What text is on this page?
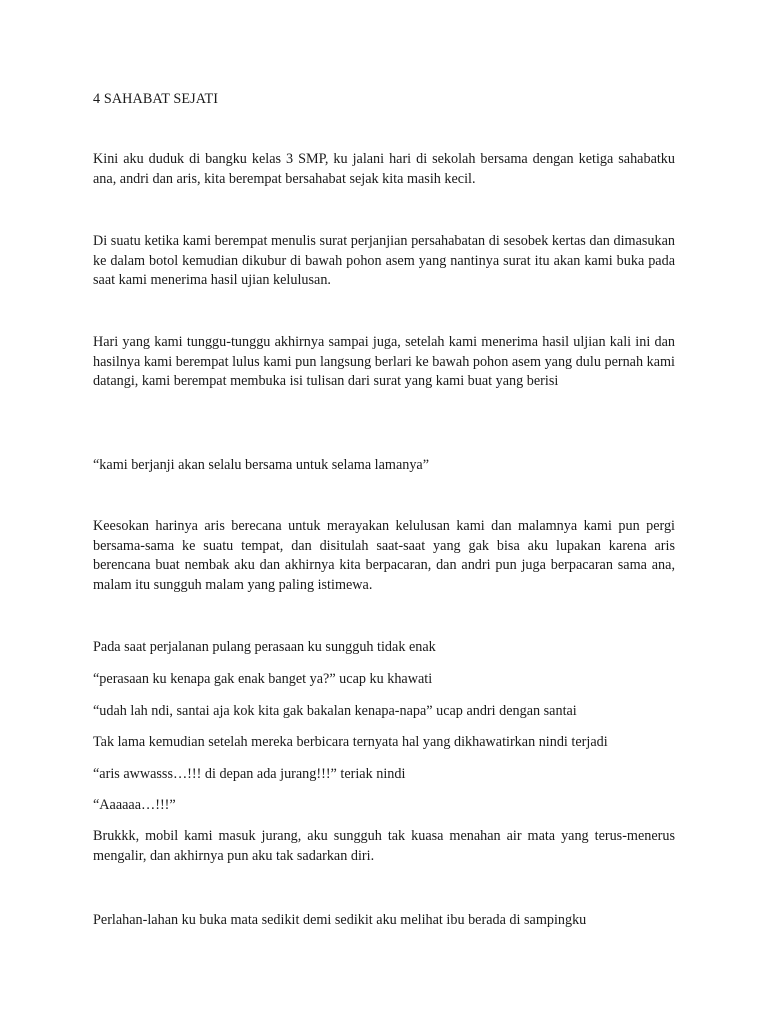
4 SAHABAT SEJATI

Kini aku duduk di bangku kelas 3 SMP, ku jalani hari di sekolah bersama dengan ketiga sahabatku ana, andri dan aris, kita berempat bersahabat sejak kita masih kecil.

Di suatu ketika kami berempat menulis surat perjanjian persahabatan di sesobek kertas dan dimasukan ke dalam botol kemudian dikubur di bawah pohon asem yang nantinya surat itu akan kami buka pada saat kami menerima hasil ujian kelulusan.

Hari yang kami tunggu-tunggu akhirnya sampai juga, setelah kami menerima hasil uljian kali ini dan hasilnya kami berempat lulus kami pun langsung berlari ke bawah pohon asem yang dulu pernah kami datangi, kami berempat membuka isi tulisan dari surat yang kami buat yang berisi

“kami berjanji akan selalu bersama untuk selama lamanya”

Keesokan harinya aris berecana untuk merayakan kelulusan kami dan malamnya kami pun pergi bersama-sama ke suatu tempat, dan disitulah saat-saat yang gak bisa aku lupakan karena aris berencana buat nembak aku dan akhirnya kita berpacaran, dan andri pun juga berpacaran sama ana, malam itu sungguh malam yang paling istimewa.

Pada saat perjalanan pulang perasaan ku sungguh tidak enak

“perasaan ku kenapa gak enak banget ya?” ucap ku khawati

“udah lah ndi, santai aja kok kita gak bakalan kenapa-napa” ucap andri dengan santai

Tak lama kemudian setelah mereka berbicara ternyata hal yang dikhawatirkan nindi terjadi

“aris awwasss…!!! di depan ada jurang!!!” teriak nindi

“Aaaaaa…!!!”

Brukkk, mobil kami masuk jurang, aku sungguh tak kuasa menahan air mata yang terus-menerus mengalir, dan akhirnya pun aku tak sadarkan diri.

Perlahan-lahan ku buka mata sedikit demi sedikit aku melihat ibu berada di sampingku
